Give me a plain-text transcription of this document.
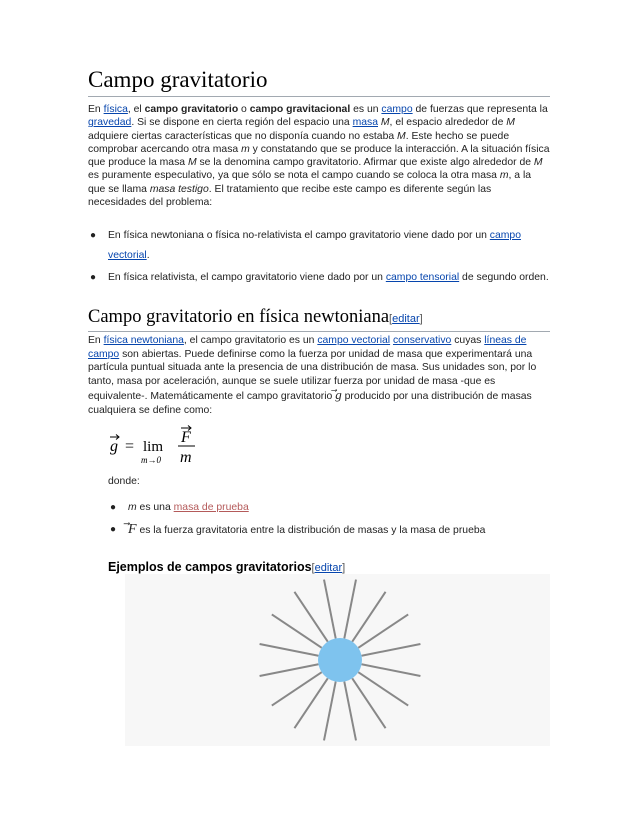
Campo gravitatorio

En física, el campo gravitatorio o campo gravitacional es un campo de fuerzas que representa la gravedad. Si se dispone en cierta región del espacio una masa M, el espacio alrededor de M adquiere ciertas características que no disponía cuando no estaba M. Este hecho se puede comprobar acercando otra masa m y constatando que se produce la interacción. A la situación física que produce la masa M se la denomina campo gravitatorio. Afirmar que existe algo alrededor de M es puramente especulativo, ya que sólo se nota el campo cuando se coloca la otra masa m, a la que se llama masa testigo. El tratamiento que recibe este campo es diferente según las necesidades del problema:

● En física newtoniana o física no-relativista el campo gravitatorio viene dado por un campo vectorial.
● En física relativista, el campo gravitatorio viene dado por un campo tensorial de segundo orden.
Campo gravitatorio en física newtoniana[editar]

En física newtoniana, el campo gravitatorio es un campo vectorial conservativo cuyas líneas de campo son abiertas. Puede definirse como la fuerza por unidad de masa que experimentará una partícula puntual situada ante la presencia de una distribución de masa. Sus unidades son, por lo tanto, masa por aceleración, aunque se suele utilizar fuerza por unidad de masa -que es equivalente-. Matemáticamente el campo gravitatorio g producido por una distribución de masas cualquiera se define como:

g = lim
m→0
F
m

donde:

● m es una masa de prueba
● F es la fuerza gravitatoria entre la distribución de masas y la masa de prueba
Ejemplos de campos gravitatorios[editar]
